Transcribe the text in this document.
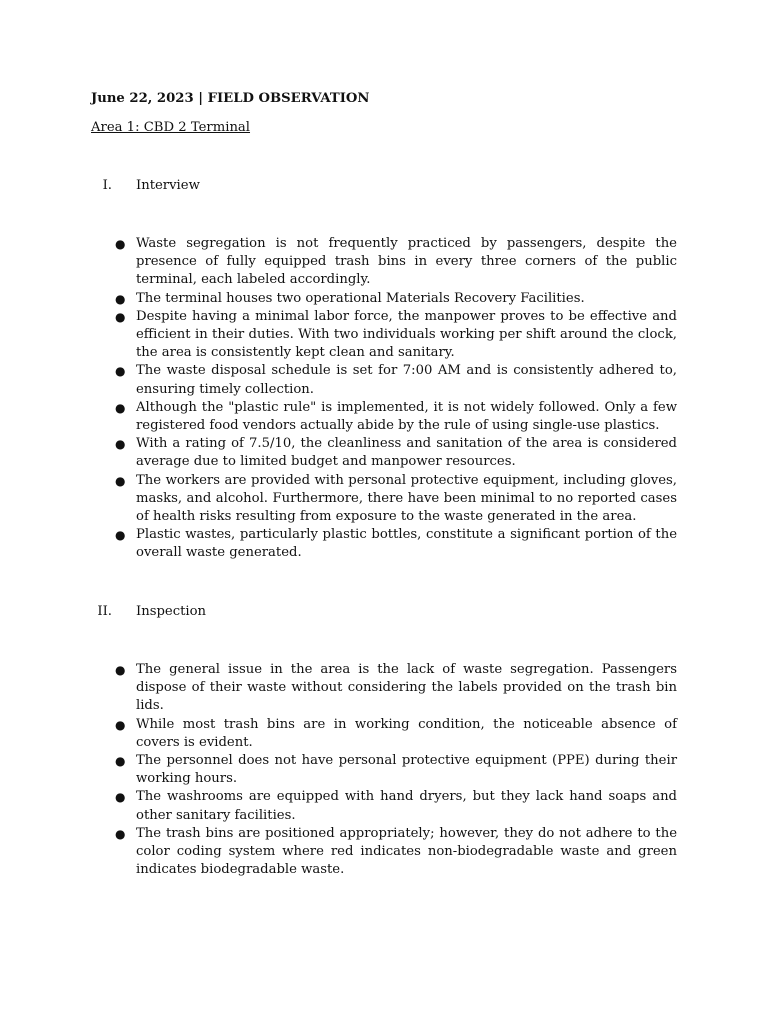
June 22, 2023 | FIELD OBSERVATION
Area 1: CBD 2 Terminal
I. Interview
● Waste segregation is not frequently practiced by passengers, despite the presence of fully equipped trash bins in every three corners of the public terminal, each labeled accordingly.
● The terminal houses two operational Materials Recovery Facilities.
● Despite having a minimal labor force, the manpower proves to be effective and efficient in their duties. With two individuals working per shift around the clock, the area is consistently kept clean and sanitary.
● The waste disposal schedule is set for 7:00 AM and is consistently adhered to, ensuring timely collection.
● Although the "plastic rule" is implemented, it is not widely followed. Only a few registered food vendors actually abide by the rule of using single-use plastics.
● With a rating of 7.5/10, the cleanliness and sanitation of the area is considered average due to limited budget and manpower resources.
● The workers are provided with personal protective equipment, including gloves, masks, and alcohol. Furthermore, there have been minimal to no reported cases of health risks resulting from exposure to the waste generated in the area.
● Plastic wastes, particularly plastic bottles, constitute a significant portion of the overall waste generated.
II. Inspection
● The general issue in the area is the lack of waste segregation. Passengers dispose of their waste without considering the labels provided on the trash bin lids.
● While most trash bins are in working condition, the noticeable absence of covers is evident.
● The personnel does not have personal protective equipment (PPE) during their working hours.
● The washrooms are equipped with hand dryers, but they lack hand soaps and other sanitary facilities.
● The trash bins are positioned appropriately; however, they do not adhere to the color coding system where red indicates non-biodegradable waste and green indicates biodegradable waste.
